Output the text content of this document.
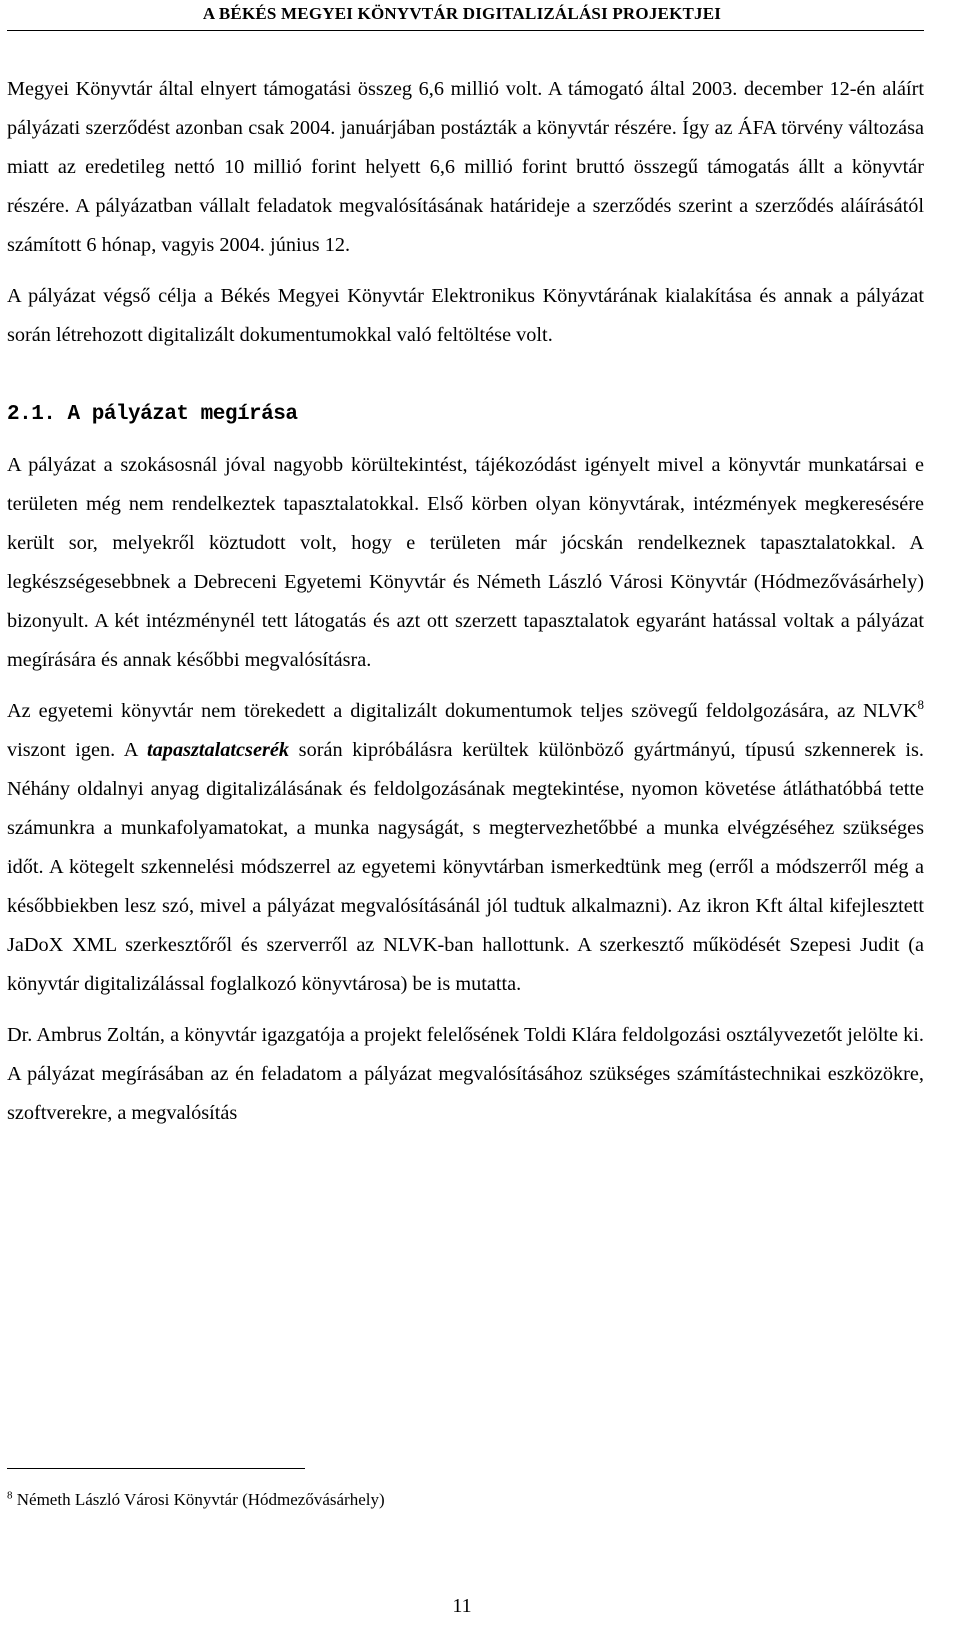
A BÉKÉS MEGYEI KÖNYVTÁR DIGITALIZÁLÁSI PROJEKTJEI

Megyei Könyvtár által elnyert támogatási összeg 6,6 millió volt. A támogató által 2003. december 12-én aláírt pályázati szerződést azonban csak 2004. januárjában postázták a könyvtár részére. Így az ÁFA törvény változása miatt az eredetileg nettó 10 millió forint helyett 6,6 millió forint bruttó összegű támogatás állt a könyvtár részére. A pályázatban vállalt feladatok megvalósításának határideje a szerződés szerint a szerződés aláírásától számított 6 hónap, vagyis 2004. június 12.

A pályázat végső célja a Békés Megyei Könyvtár Elektronikus Könyvtárának kialakítása és annak a pályázat során létrehozott digitalizált dokumentumokkal való feltöltése volt.

2.1. A pályázat megírása

A pályázat a szokásosnál jóval nagyobb körültekintést, tájékozódást igényelt mivel a könyvtár munkatársai e területen még nem rendelkeztek tapasztalatokkal. Első körben olyan könyvtárak, intézmények megkeresésére került sor, melyekről köztudott volt, hogy e területen már jócskán rendelkeznek tapasztalatokkal. A legkészségesebbnek a Debreceni Egyetemi Könyvtár és Németh László Városi Könyvtár (Hódmezővásárhely) bizonyult. A két intézménynél tett látogatás és azt ott szerzett tapasztalatok egyaránt hatással voltak a pályázat megírására és annak későbbi megvalósításra.

Az egyetemi könyvtár nem törekedett a digitalizált dokumentumok teljes szövegű feldolgozására, az NLVK$^8$ viszont igen. A tapasztalatcserék során kipróbálásra kerültek különböző gyártmányú, típusú szkennerek is. Néhány oldalnyi anyag digitalizálásának és feldolgozásának megtekintése, nyomon követése átláthatóbbá tette számunkra a munkafolyamatokat, a munka nagyságát, s megtervezhetőbbé a munka elvégzéséhez szükséges időt. A kötegelt szkennelési módszerrel az egyetemi könyvtárban ismerkedtünk meg (erről a módszerről még a későbbiekben lesz szó, mivel a pályázat megvalósításánál jól tudtuk alkalmazni). Az ikron Kft által kifejlesztett JaDoX XML szerkesztőről és szerverről az NLVK-ban hallottunk. A szerkesztő működését Szepesi Judit (a könyvtár digitalizálással foglalkozó könyvtárosa) be is mutatta.

Dr. Ambrus Zoltán, a könyvtár igazgatója a projekt felelősének Toldi Klára feldolgozási osztályvezetőt jelölte ki. A pályázat megírásában az én feladatom a pályázat megvalósításához szükséges számítástechnikai eszközökre, szoftverekre, a megvalósítás

$^8$ Németh László Városi Könyvtár (Hódmezővásárhely)
11
